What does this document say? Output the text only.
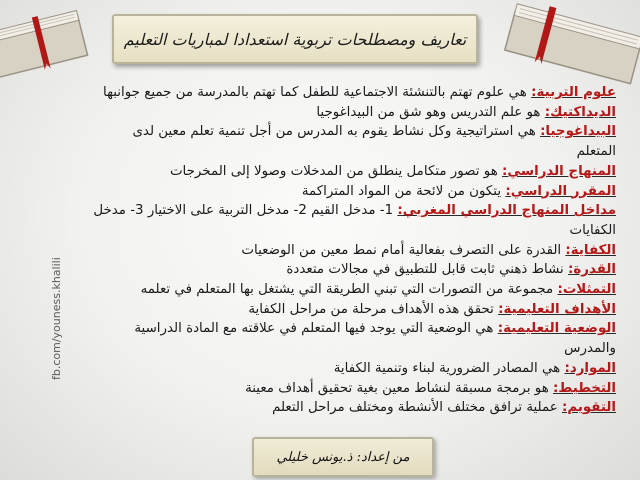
تعاريف ومصطلحات تربوية استعدادا لمباريات التعليم
علوم التربية: هي علوم تهتم بالتنشئة الاجتماعية للطفل كما تهتم بالمدرسة من جميع جوانبها
الديداكتيك: هو علم التدريس وهو شق من البيداغوجيا
البيداغوجيا: هي استراتيجية وكل نشاط يقوم به المدرس من أجل تنمية تعلم معين لدى
المتعلم
المنهاج الدراسي: هو تصور متكامل ينطلق من المدخلات وصولا إلى المخرجات
المقرر الدراسي: يتكون من لائحة من المواد المتراكمة
مداخل المنهاج الدراسي المغربي: 1- مدخل القيم 2- مدخل التربية على الاختيار 3- مدخل
الكفايات
الكفاية: القدرة على التصرف بفعالية أمام نمط معين من الوضعيات
القدرة: نشاط ذهني ثابت قابل للتطبيق في مجالات متعددة
التمثلات: مجموعة من التصورات التي تبني الطريقة التي يشتغل بها المتعلم في تعلمه
الأهداف التعليمية: تحقق هذه الأهداف مرحلة من مراحل الكفاية
الوضعية التعليمية: هي الوضعية التي يوجد فيها المتعلم في علاقته مع المادة الدراسية
والمدرس
الموارد: هي المصادر الضرورية لبناء وتنمية الكفاية
التخطيط: هو برمجة مسبقة لنشاط معين بغية تحقيق أهداف معينة
التقويم: عملية ترافق مختلف الأنشطة ومختلف مراحل التعلم
fb.com/youness.khalili
من إعداد: ذ.يونس خليلي
